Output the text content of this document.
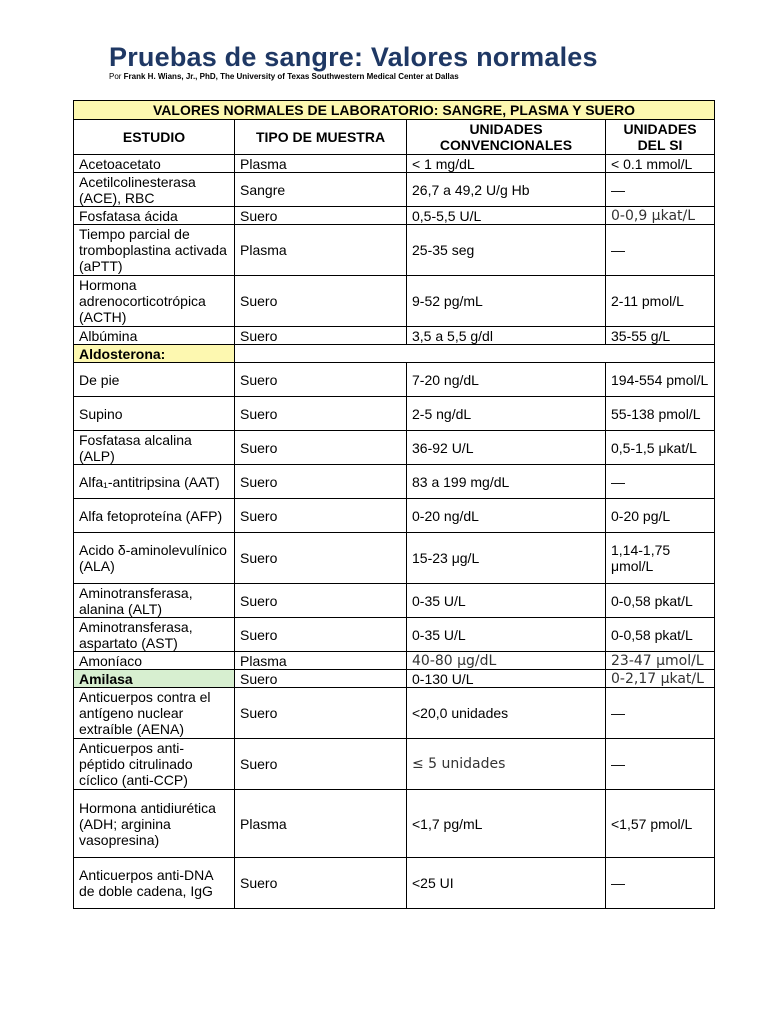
Pruebas de sangre: Valores normales
Por Frank H. Wians, Jr., PhD, The University of Texas Southwestern Medical Center at Dallas
VALORES NORMALES DE LABORATORIO: SANGRE, PLASMA Y SUERO			
ESTUDIO	TIPO DE MUESTRA	UNIDADES CONVENCIONALES	UNIDADES DEL SI
Acetoacetato	Plasma	< 1 mg/dL	< 0.1 mmol/L
Acetilcolinesterasa (ACE), RBC	Sangre	26,7 a 49,2 U/g Hb	—
Fosfatasa ácida	Suero	0,5-5,5 U/L	0-0,9 μkat/L
Tiempo parcial de tromboplastina activada (aPTT)	Plasma	25-35 seg	—
Hormona adrenocorticotrópica (ACTH)	Suero	9-52 pg/mL	2-11 pmol/L
Albúmina	Suero	3,5 a 5,5 g/dl	35-55 g/L
Aldosterona:			
De pie	Suero	7-20 ng/dL	194-554 pmol/L
Supino	Suero	2-5 ng/dL	55-138 pmol/L
Fosfatasa alcalina (ALP)	Suero	36-92 U/L	0,5-1,5 μkat/L
Alfa₁-antitripsina (AAT)	Suero	83 a 199 mg/dL	—
Alfa fetoproteína (AFP)	Suero	0-20 ng/dL	0-20 pg/L
Acido δ-aminolevulínico (ALA)	Suero	15-23 μg/L	1,14-1,75 μmol/L
Aminotransferasa, alanina (ALT)	Suero	0-35 U/L	0-0,58 pkat/L
Aminotransferasa, aspartato (AST)	Suero	0-35 U/L	0-0,58 pkat/L
Amoníaco	Plasma	40-80 μg/dL	23-47 μmol/L
Amilasa	Suero	0-130 U/L	0-2,17 μkat/L
Anticuerpos contra el antígeno nuclear extraíble (AENA)	Suero	<20,0 unidades	—
Anticuerpos anti-péptido citrulinado cíclico (anti-CCP)	Suero	≤ 5 unidades	—
Hormona antidiurética (ADH; arginina vasopresina)	Plasma	<1,7 pg/mL	<1,57 pmol/L
Anticuerpos anti-DNA de doble cadena, IgG	Suero	<25 UI	—
